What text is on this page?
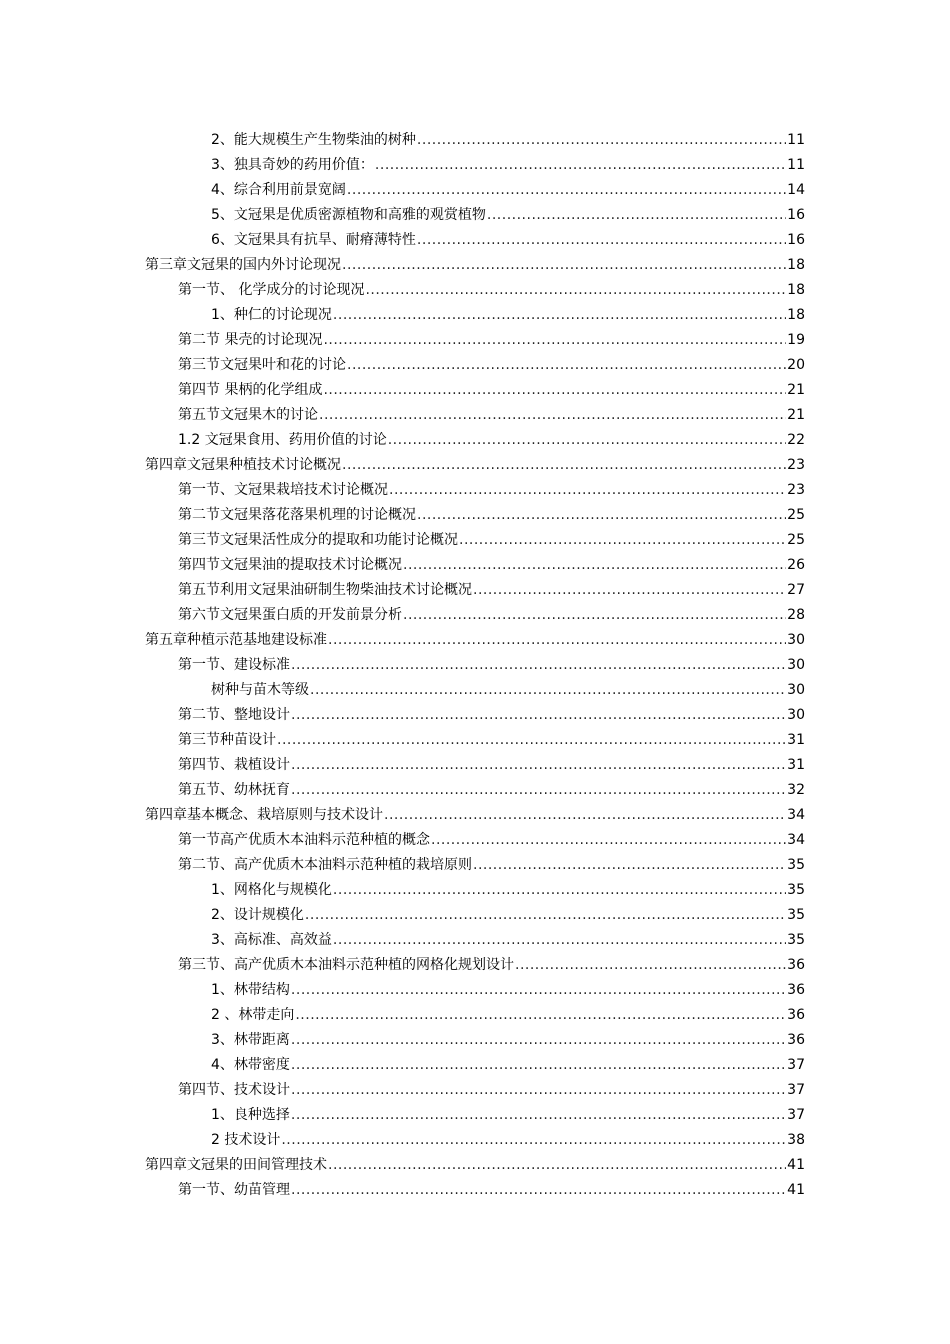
2、能大规模生产生物柴油的树种 .....	11
3、独具奇妙的药用价值： .....	11
4、综合利用前景宽阔 .....	14
5、文冠果是优质密源植物和高雅的观赏植物 .....	16
6、文冠果具有抗旱、耐瘠薄特性 .....	16
第三章文冠果的国内外讨论现况 .....	18
第一节、 化学成分的讨论现况 .....	18
1、种仁的讨论现况 .....	18
第二节 果壳的讨论现况 .....	19
第三节文冠果叶和花的讨论 .....	20
第四节 果柄的化学组成 .....	21
第五节文冠果木的讨论 .....	21
1.2 文冠果食用、药用价值的讨论 .....	22
第四章文冠果种植技术讨论概况 .....	23
第一节、文冠果栽培技术讨论概况 .....	23
第二节文冠果落花落果机理的讨论概况 .....	25
第三节文冠果活性成分的提取和功能讨论概况 .....	25
第四节文冠果油的提取技术讨论概况 .....	26
第五节利用文冠果油研制生物柴油技术讨论概况 .....	27
第六节文冠果蛋白质的开发前景分析 .....	28
第五章种植示范基地建设标准 .....	30
第一节、建设标准 .....	30
树种与苗木等级 .....	30
第二节、整地设计 .....	30
第三节种苗设计 .....	31
第四节、栽植设计 .....	31
第五节、幼林抚育 .....	32
第四章基本概念、栽培原则与技术设计 .....	34
第一节高产优质木本油料示范种植的概念 .....	34
第二节、高产优质木本油料示范种植的栽培原则 .....	35
1、网格化与规模化 .....	35
2、设计规模化 .....	35
3、高标准、高效益 .....	35
第三节、高产优质木本油料示范种植的网格化规划设计 .....	36
1、林带结构 .....	36
2 、林带走向 .....	36
3、林带距离 .....	36
4、林带密度 .....	37
第四节、技术设计 .....	37
1、良种选择 .....	37
2 技术设计 .....	38
第四章文冠果的田间管理技术 .....	41
第一节、幼苗管理 .....	41
